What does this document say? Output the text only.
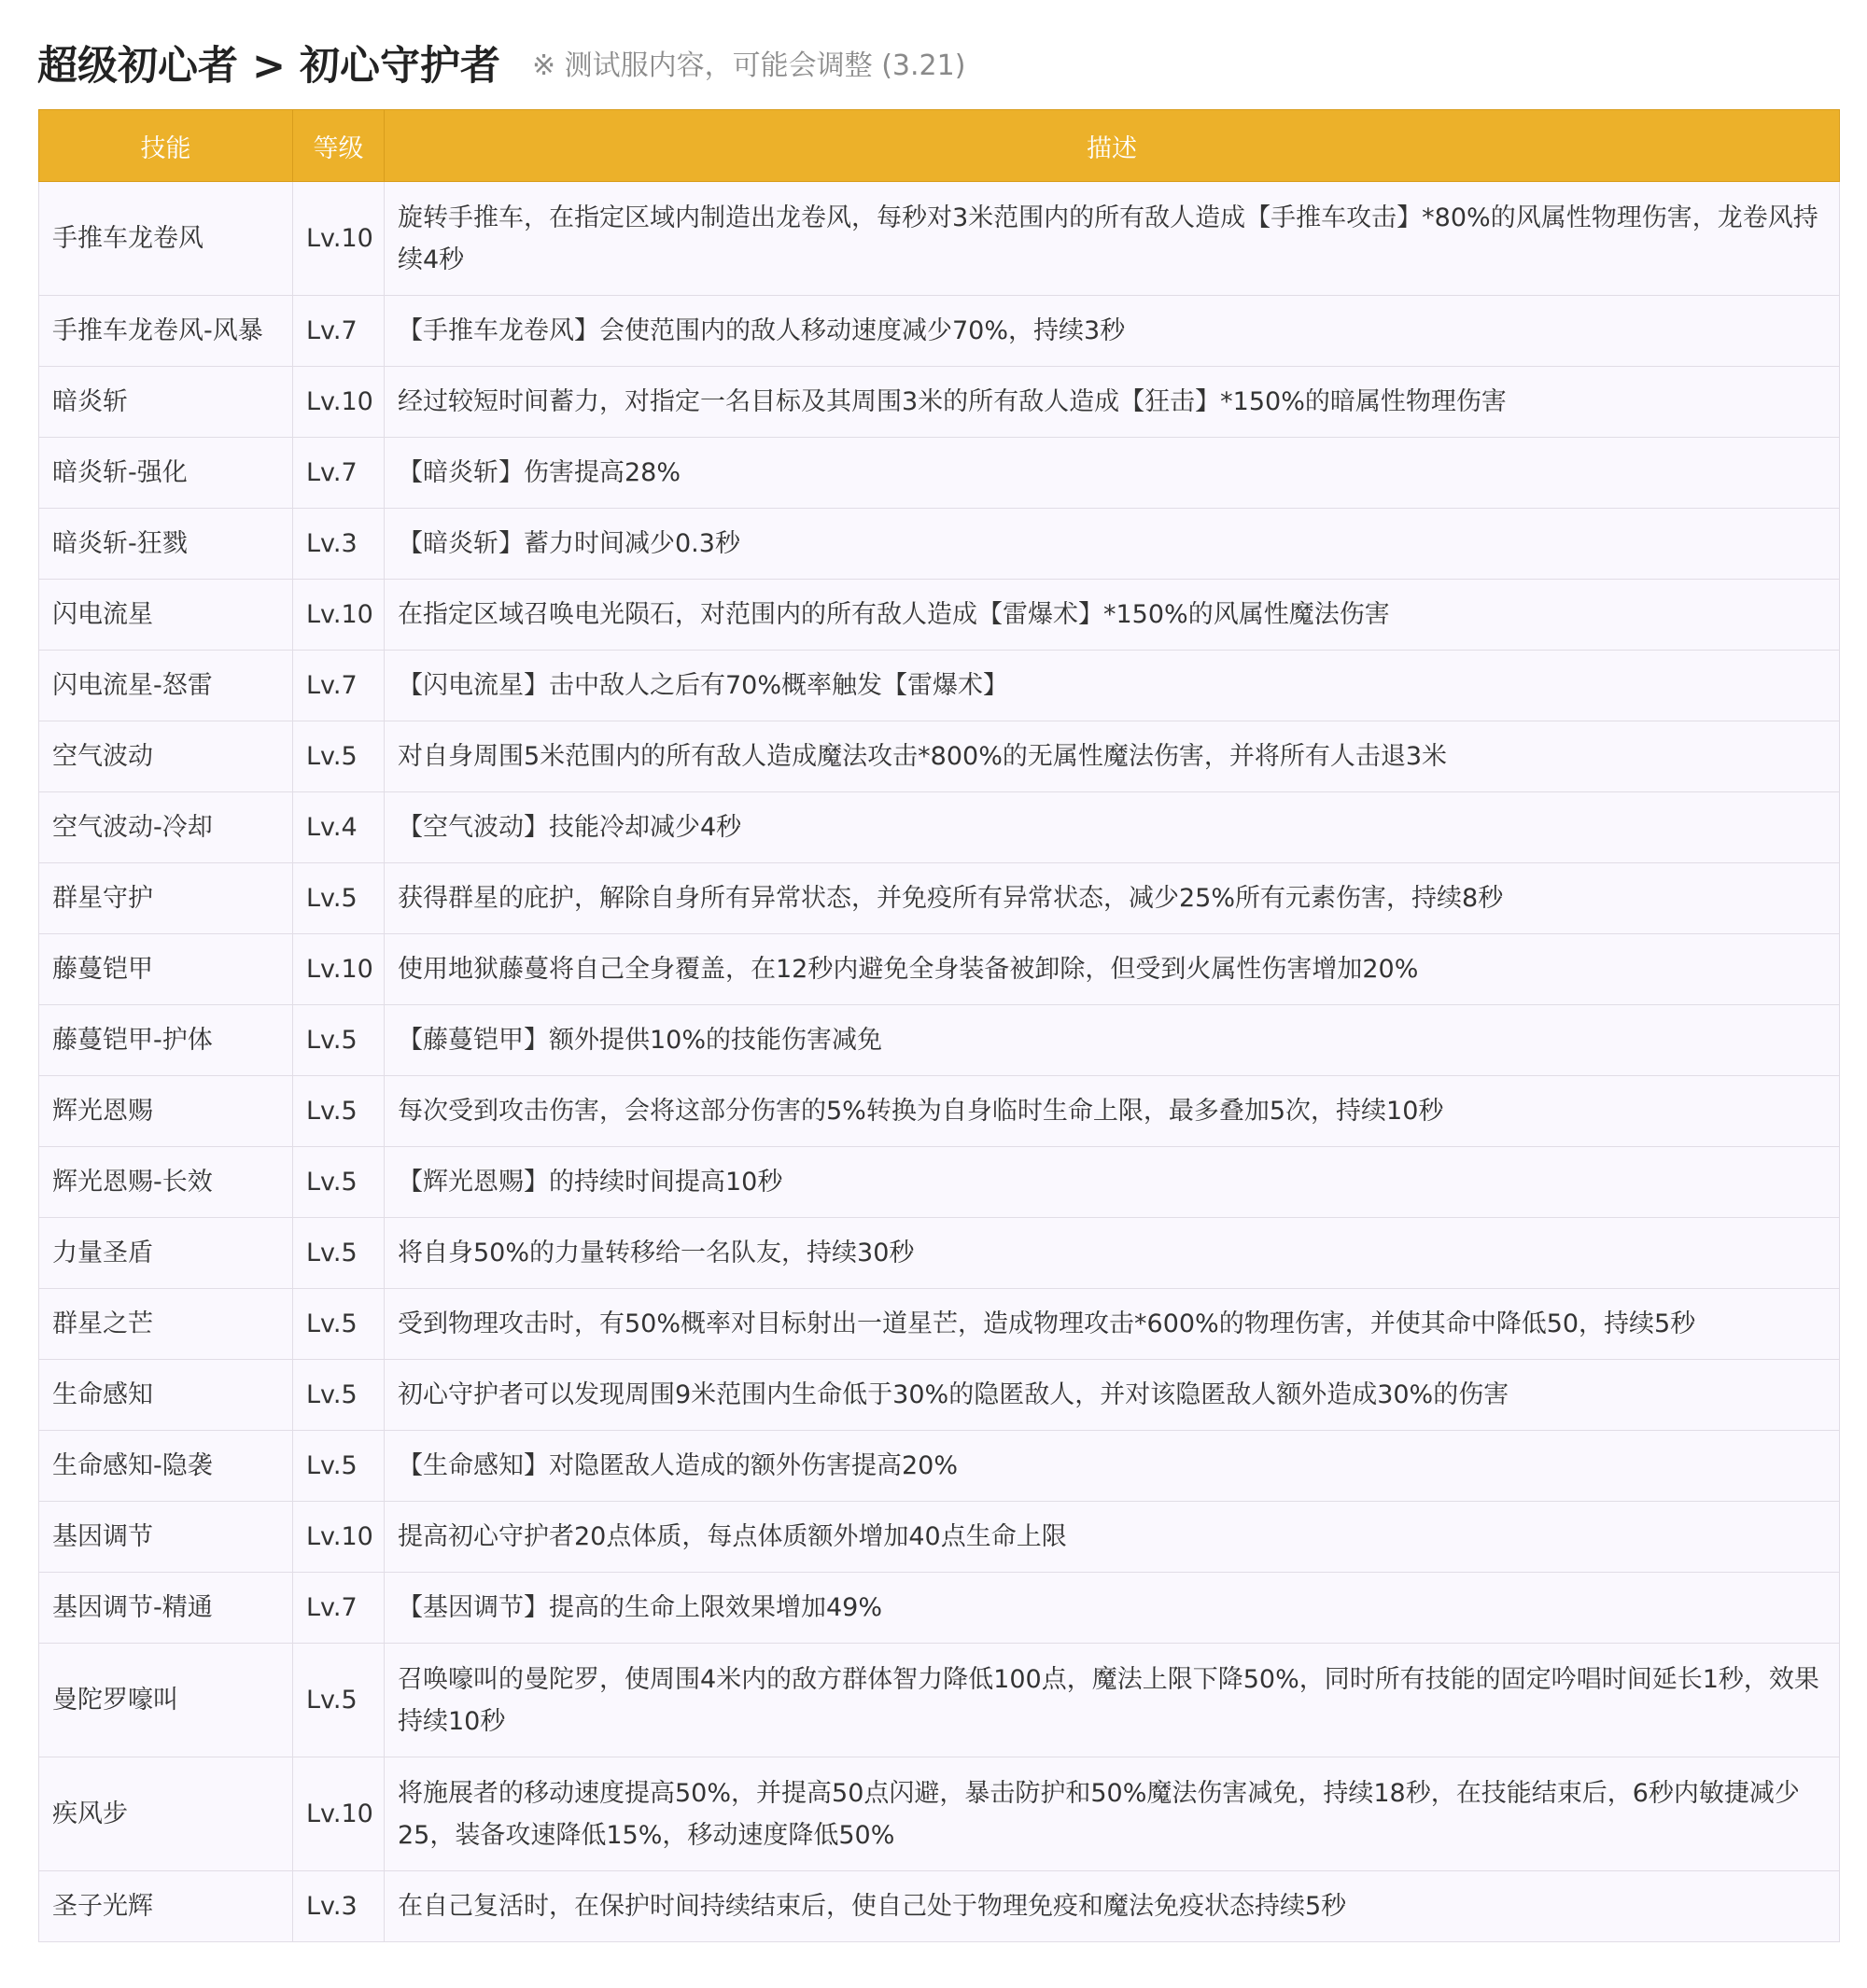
超级初心者 > 初心守护者 ※ 测试服内容，可能会调整 (3.21)
技能	等级	描述
手推车龙卷风	Lv.10	旋转手推车，在指定区域内制造出龙卷风，每秒对3米范围内的所有敌人造成【手推车攻击】*80%的风属性物理伤害，龙卷风持续4秒
手推车龙卷风-风暴	Lv.7	【手推车龙卷风】会使范围内的敌人移动速度减少70%，持续3秒
暗炎斩	Lv.10	经过较短时间蓄力，对指定一名目标及其周围3米的所有敌人造成【狂击】*150%的暗属性物理伤害
暗炎斩-强化	Lv.7	【暗炎斩】伤害提高28%
暗炎斩-狂戮	Lv.3	【暗炎斩】蓄力时间减少0.3秒
闪电流星	Lv.10	在指定区域召唤电光陨石，对范围内的所有敌人造成【雷爆术】*150%的风属性魔法伤害
闪电流星-怒雷	Lv.7	【闪电流星】击中敌人之后有70%概率触发【雷爆术】
空气波动	Lv.5	对自身周围5米范围内的所有敌人造成魔法攻击*800%的无属性魔法伤害，并将所有人击退3米
空气波动-冷却	Lv.4	【空气波动】技能冷却减少4秒
群星守护	Lv.5	获得群星的庇护，解除自身所有异常状态，并免疫所有异常状态，减少25%所有元素伤害，持续8秒
藤蔓铠甲	Lv.10	使用地狱藤蔓将自己全身覆盖，在12秒内避免全身装备被卸除，但受到火属性伤害增加20%
藤蔓铠甲-护体	Lv.5	【藤蔓铠甲】额外提供10%的技能伤害减免
辉光恩赐	Lv.5	每次受到攻击伤害，会将这部分伤害的5%转换为自身临时生命上限，最多叠加5次，持续10秒
辉光恩赐-长效	Lv.5	【辉光恩赐】的持续时间提高10秒
力量圣盾	Lv.5	将自身50%的力量转移给一名队友，持续30秒
群星之芒	Lv.5	受到物理攻击时，有50%概率对目标射出一道星芒，造成物理攻击*600%的物理伤害，并使其命中降低50，持续5秒
生命感知	Lv.5	初心守护者可以发现周围9米范围内生命低于30%的隐匿敌人，并对该隐匿敌人额外造成30%的伤害
生命感知-隐袭	Lv.5	【生命感知】对隐匿敌人造成的额外伤害提高20%
基因调节	Lv.10	提高初心守护者20点体质，每点体质额外增加40点生命上限
基因调节-精通	Lv.7	【基因调节】提高的生命上限效果增加49%
曼陀罗嚎叫	Lv.5	召唤嚎叫的曼陀罗，使周围4米内的敌方群体智力降低100点，魔法上限下降50%，同时所有技能的固定吟唱时间延长1秒，效果持续10秒
疾风步	Lv.10	将施展者的移动速度提高50%，并提高50点闪避，暴击防护和50%魔法伤害减免，持续18秒，在技能结束后，6秒内敏捷减少25，装备攻速降低15%，移动速度降低50%
圣子光辉	Lv.3	在自己复活时，在保护时间持续结束后，使自己处于物理免疫和魔法免疫状态持续5秒
